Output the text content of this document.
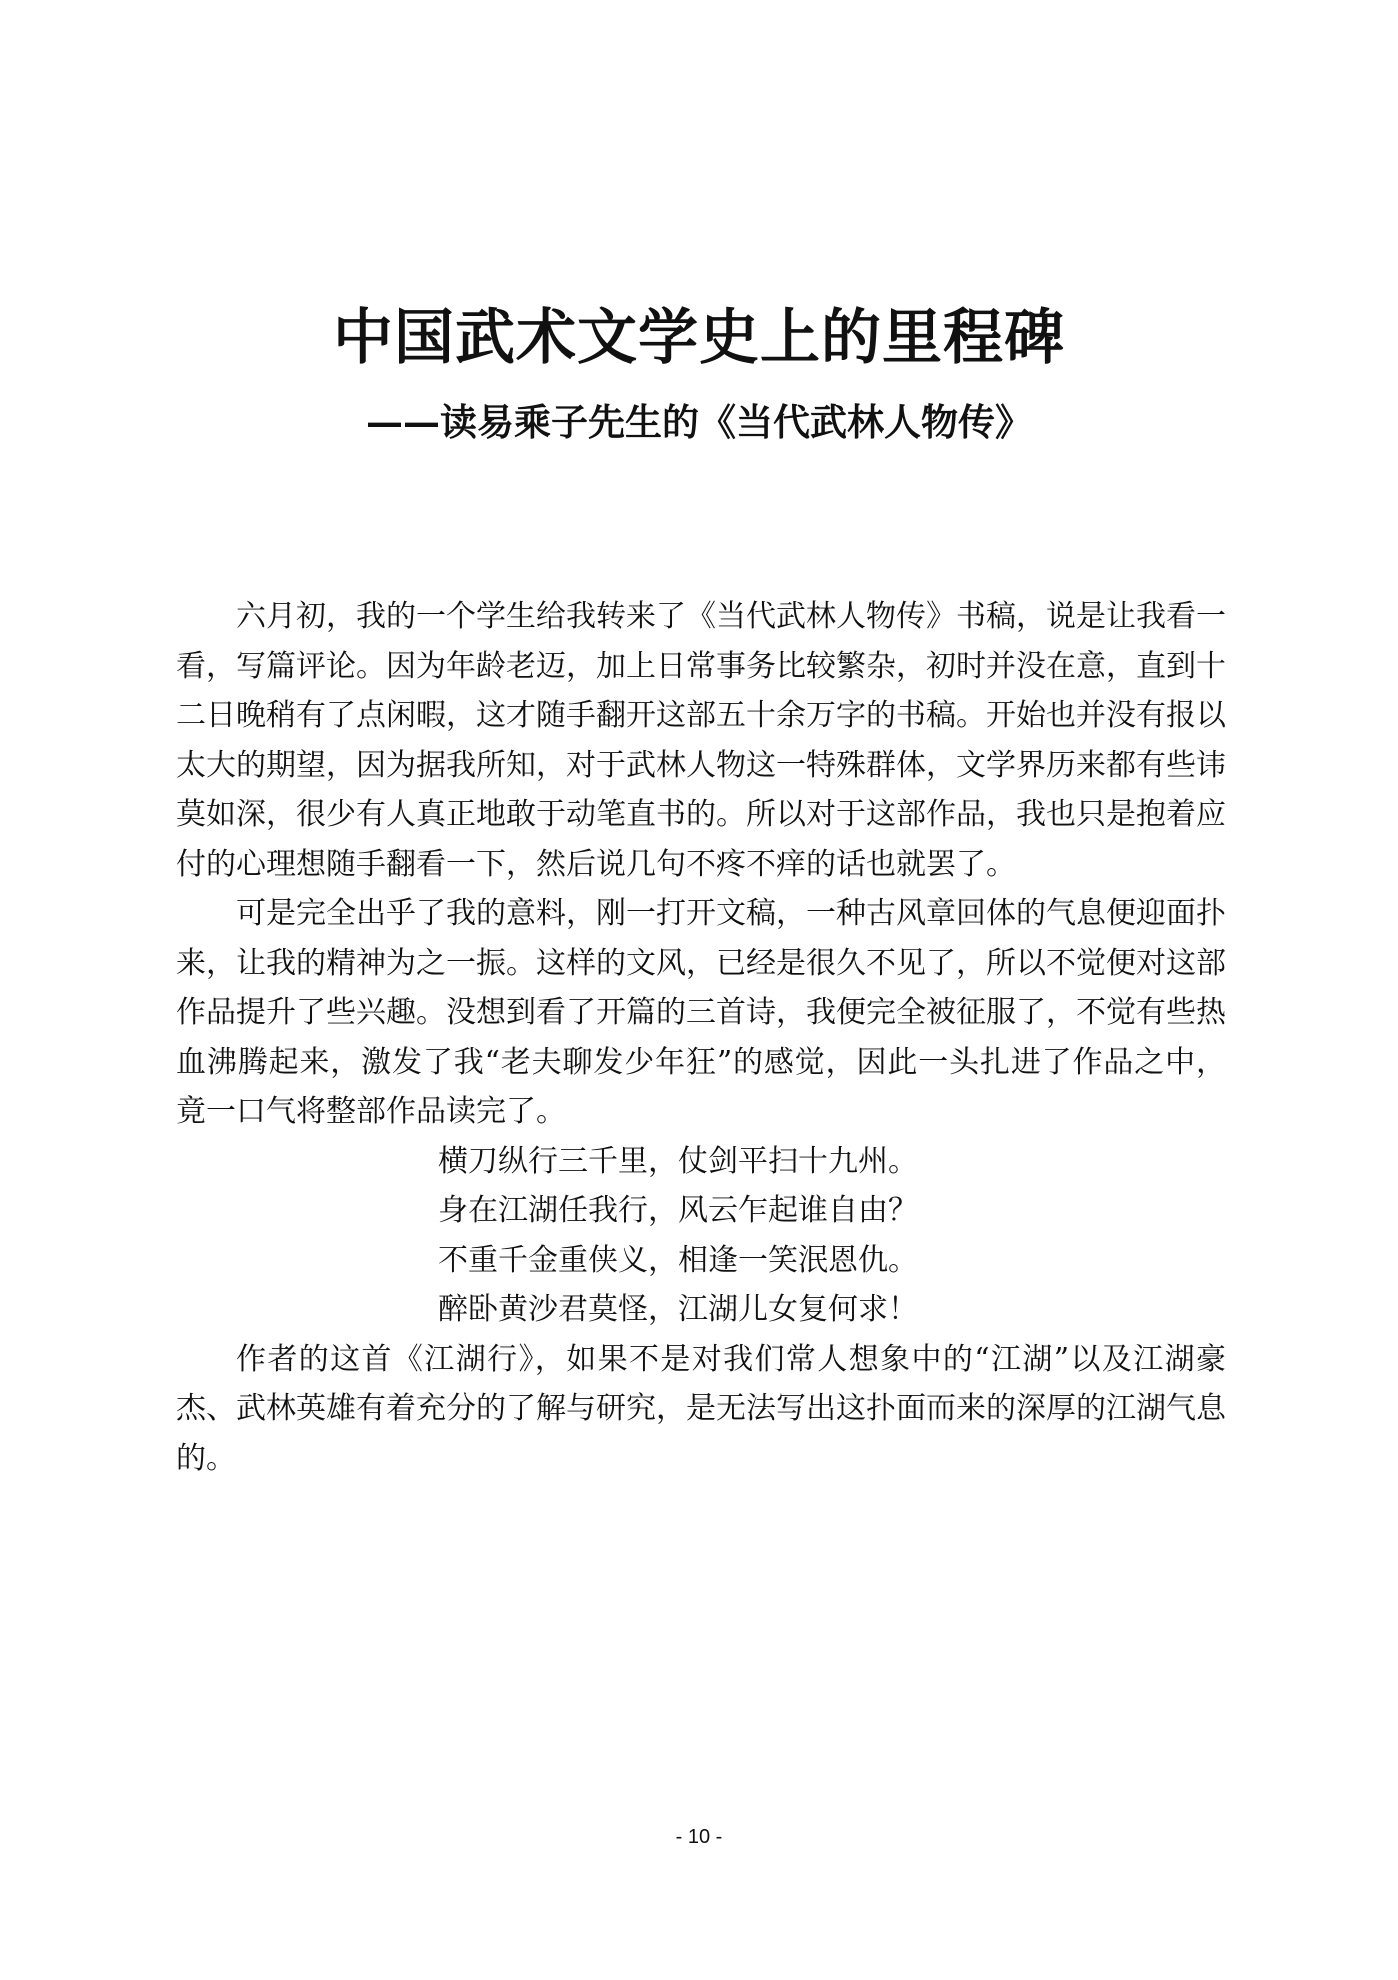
中国武术文学史上的里程碑
——读易乘子先生的《当代武林人物传》

六月初，我的一个学生给我转来了《当代武林人物传》书稿，说是让我看一看，写篇评论。因为年龄老迈，加上日常事务比较繁杂，初时并没在意，直到十二日晚稍有了点闲暇，这才随手翻开这部五十余万字的书稿。开始也并没有报以太大的期望，因为据我所知，对于武林人物这一特殊群体，文学界历来都有些讳莫如深，很少有人真正地敢于动笔直书的。所以对于这部作品，我也只是抱着应付的心理想随手翻看一下，然后说几句不疼不痒的话也就罢了。

可是完全出乎了我的意料，刚一打开文稿，一种古风章回体的气息便迎面扑来，让我的精神为之一振。这样的文风，已经是很久不见了，所以不觉便对这部作品提升了些兴趣。没想到看了开篇的三首诗，我便完全被征服了，不觉有些热血沸腾起来，激发了我“老夫聊发少年狂”的感觉，因此一头扎进了作品之中，竟一口气将整部作品读完了。

横刀纵行三千里，仗剑平扫十九州。

身在江湖任我行，风云乍起谁自由？

不重千金重侠义，相逢一笑泯恩仇。

醉卧黄沙君莫怪，江湖儿女复何求！

作者的这首《江湖行》，如果不是对我们常人想象中的“江湖”以及江湖豪杰、武林英雄有着充分的了解与研究，是无法写出这扑面而来的深厚的江湖气息的。

- 10 -
